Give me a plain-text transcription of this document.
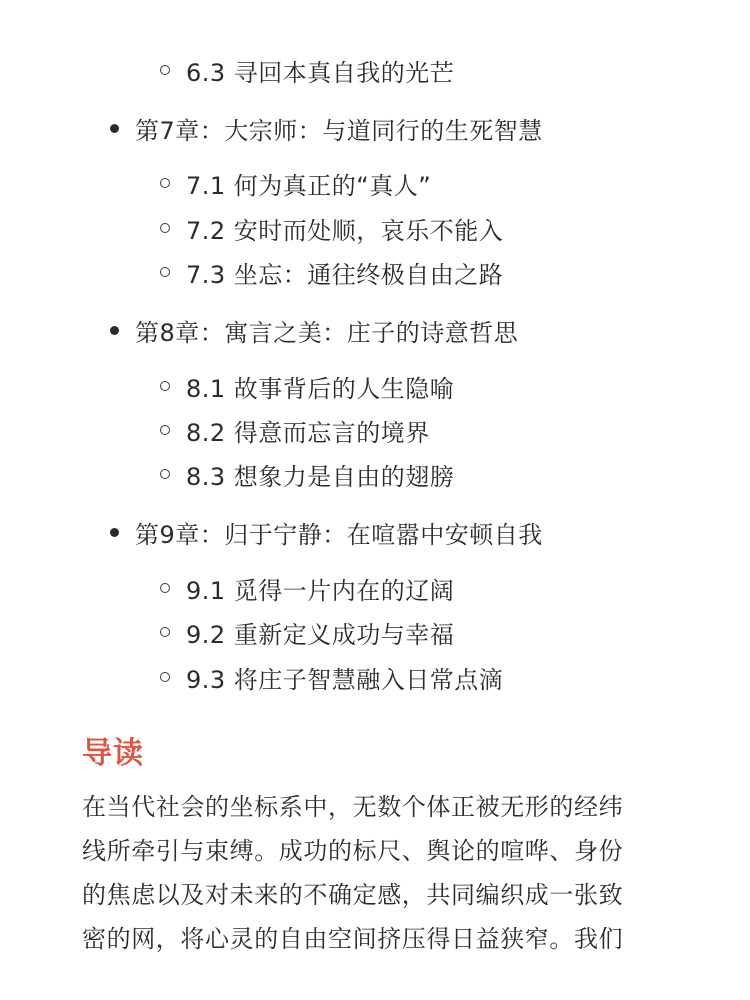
6.3 寻回本真自我的光芒
第7章：大宗师：与道同行的生死智慧
7.1 何为真正的“真人”
7.2 安时而处顺，哀乐不能入
7.3 坐忘：通往终极自由之路
第8章：寓言之美：庄子的诗意哲思
8.1 故事背后的人生隐喻
8.2 得意而忘言的境界
8.3 想象力是自由的翅膀
第9章：归于宁静：在喧嚣中安顿自我
9.1 觅得一片内在的辽阔
9.2 重新定义成功与幸福
9.3 将庄子智慧融入日常点滴
导读
在当代社会的坐标系中，无数个体正被无形的经纬
线所牵引与束缚。成功的标尺、舆论的喧哗、身份
的焦虑以及对未来的不确定感，共同编织成一张致
密的网，将心灵的自由空间挤压得日益狭窄。我们
